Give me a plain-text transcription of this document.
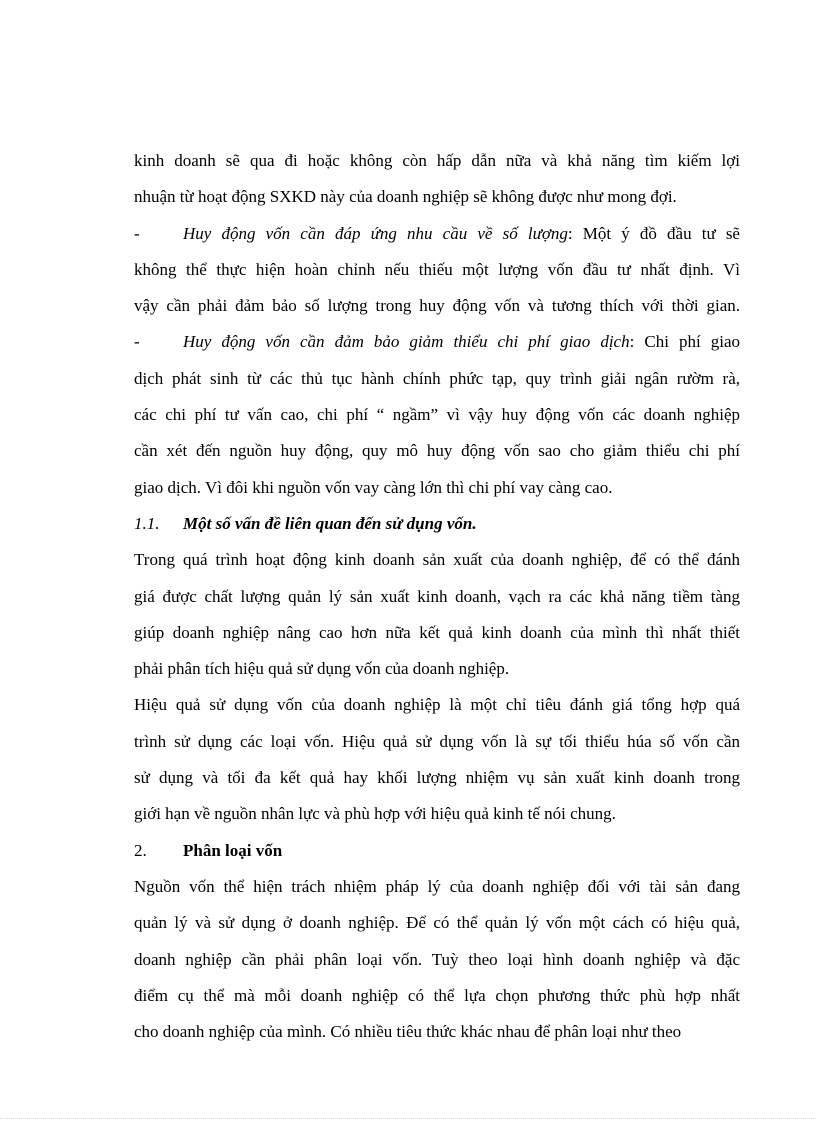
kinh doanh sẽ qua đi hoặc không còn hấp dẫn nữa và khả năng tìm kiếm lợi
nhuận từ hoạt động SXKD này của doanh nghiệp sẽ không được như mong đợi.
-	Huy động vốn cần đáp ứng nhu cầu về số lượng: Một ý đồ đầu tư sẽ
không thể thực hiện hoàn chỉnh nếu thiếu một lượng vốn đầu tư nhất định. Vì
vậy cần phải đảm bảo số lượng trong huy động vốn và tương thích với thời gian.
-	Huy động vốn cần đảm bảo giảm thiểu chi phí giao dịch: Chi phí giao
dịch phát sinh từ các thủ tục hành chính phức tạp, quy trình giải ngân rườm rà,
các chi phí tư vấn cao, chi phí “ ngầm” vì vậy huy động vốn các doanh nghiệp
cần xét đến nguồn huy động, quy mô huy động vốn sao cho giảm thiểu chi phí
giao dịch. Vì đôi khi nguồn vốn vay càng lớn thì chi phí vay càng cao.
1.1. Một số vấn đề liên quan đến sử dụng vốn.
Trong quá trình hoạt động kinh doanh sản xuất của doanh nghiệp, để có thể đánh
giá được chất lượng quản lý sản xuất kinh doanh, vạch ra các khả năng tiềm tàng
giúp doanh nghiệp nâng cao hơn nữa kết quả kinh doanh của mình thì nhất thiết
phải phân tích hiệu quả sử dụng vốn của doanh nghiệp.
Hiệu quả sử dụng vốn của doanh nghiệp là một chỉ tiêu đánh giá tổng hợp quá
trình sử dụng các loại vốn. Hiệu quả sử dụng vốn là sự tối thiểu húa số vốn cần
sử dụng và tối đa kết quả hay khối lượng nhiệm vụ sản xuất kinh doanh trong
giới hạn về nguồn nhân lực và phù hợp với hiệu quả kinh tế nói chung.
2. Phân loại vốn
Nguồn vốn thể hiện trách nhiệm pháp lý của doanh nghiệp đối với tài sản đang
quản lý và sử dụng ở doanh nghiệp. Để có thể quản lý vốn một cách có hiệu quả,
doanh nghiệp cần phải phân loại vốn. Tuỳ theo loại hình doanh nghiệp và đặc
điểm cụ thể mà mỗi doanh nghiệp có thể lựa chọn phương thức phù hợp nhất
cho doanh nghiệp của mình. Có nhiều tiêu thức khác nhau để phân loại như theo
